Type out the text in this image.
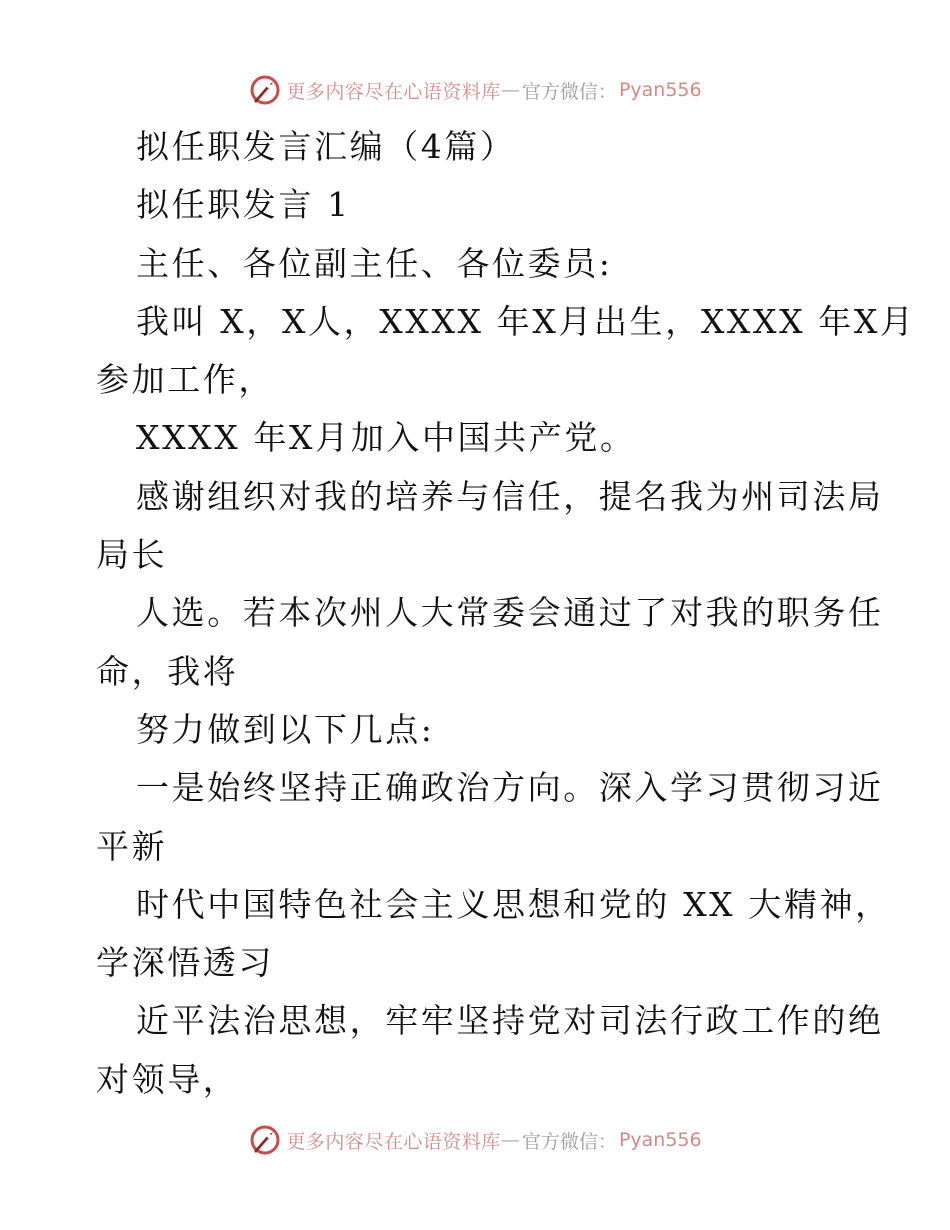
更多内容尽在心语资料库 — 官方微信： Pyan556
拟任职发言汇编（4篇）
拟任职发言 1
主任、各位副主任、各位委员:
我叫 X，X人，XXXX 年X月出生，XXXX 年X月
参加工作，
XXXX 年X月加入中国共产党。
感谢组织对我的培养与信任，提名我为州司法局
局长
人选。若本次州人大常委会通过了对我的职务任
命，我将
努力做到以下几点:
一是始终坚持正确政治方向。深入学习贯彻习近
平新
时代中国特色社会主义思想和党的 XX 大精神，
学深悟透习
近平法治思想，牢牢坚持党对司法行政工作的绝
对领导，
更多内容尽在心语资料库 — 官方微信： Pyan556
